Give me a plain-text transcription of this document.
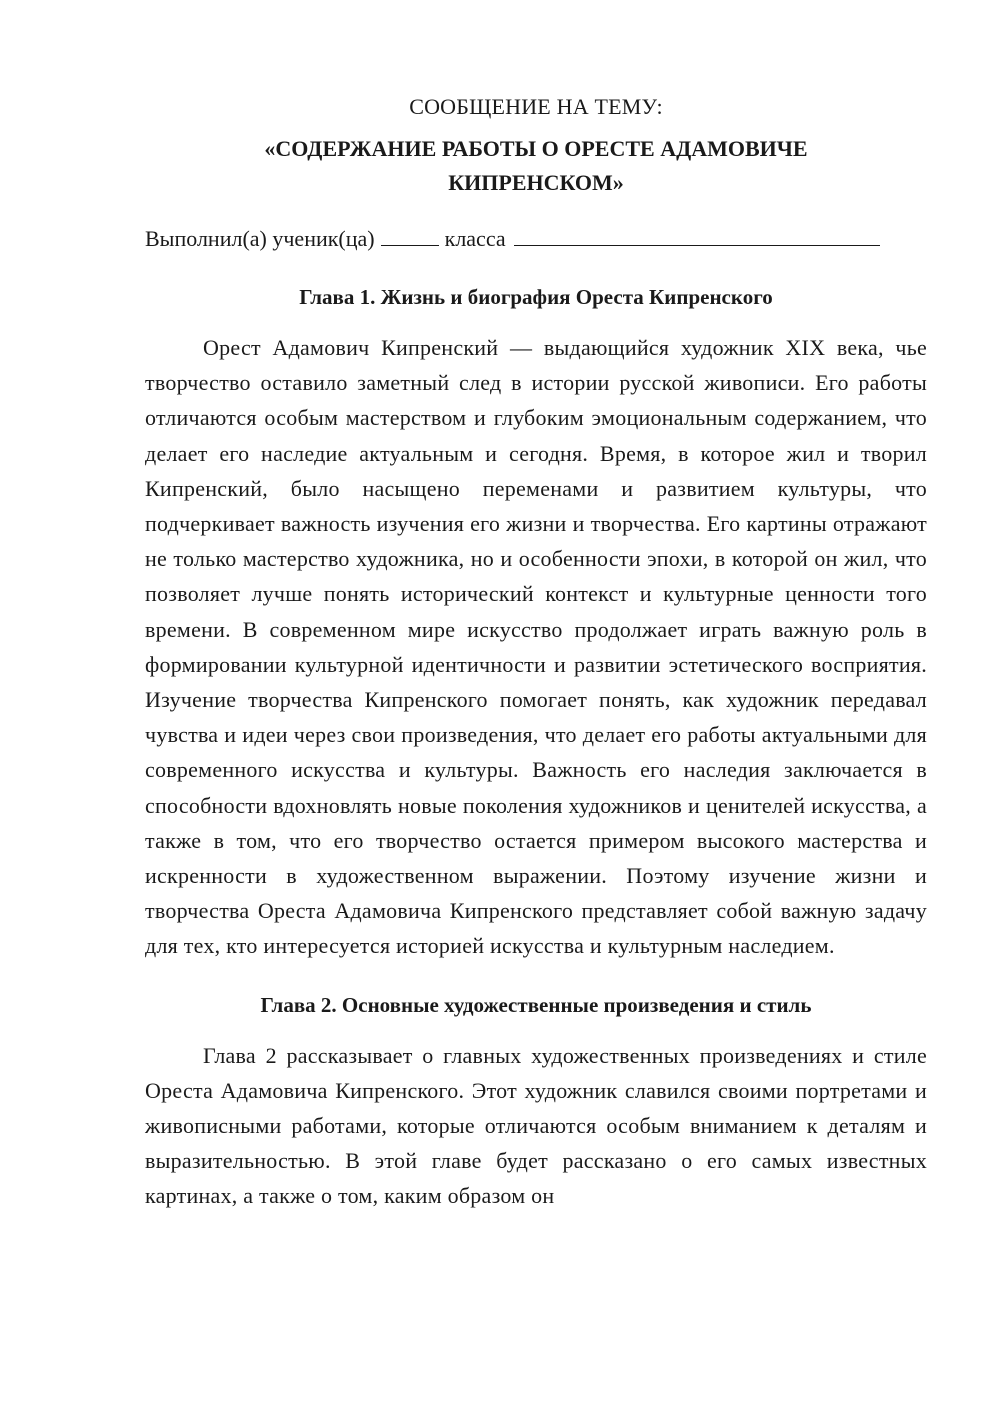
СООБЩЕНИЕ НА ТЕМУ:

«СОДЕРЖАНИЕ РАБОТЫ О ОРЕСТЕ АДАМОВИЧЕ КИПРЕНСКОМ»

Выполнил(а) ученик(ца)	класса

Глава 1. Жизнь и биография Ореста Кипренского

Орест Адамович Кипренский — выдающийся художник XIX века, чье творчество оставило заметный след в истории русской живописи. Его работы отличаются особым мастерством и глубоким эмоциональным содержанием, что делает его наследие актуальным и сегодня. Время, в которое жил и творил Кипренский, было насыщено переменами и развитием культуры, что подчеркивает важность изучения его жизни и творчества. Его картины отражают не только мастерство художника, но и особенности эпохи, в которой он жил, что позволяет лучше понять исторический контекст и культурные ценности того времени. В современном мире искусство продолжает играть важную роль в формировании культурной идентичности и развитии эстетического восприятия. Изучение творчества Кипренского помогает понять, как художник передавал чувства и идеи через свои произведения, что делает его работы актуальными для современного искусства и культуры. Важность его наследия заключается в способности вдохновлять новые поколения художников и ценителей искусства, а также в том, что его творчество остается примером высокого мастерства и искренности в художественном выражении. Поэтому изучение жизни и творчества Ореста Адамовича Кипренского представляет собой важную задачу для тех, кто интересуется историей искусства и культурным наследием.

Глава 2. Основные художественные произведения и стиль

Глава 2 рассказывает о главных художественных произведениях и стиле Ореста Адамовича Кипренского. Этот художник славился своими портретами и живописными работами, которые отличаются особым вниманием к деталям и выразительностью. В этой главе будет рассказано о его самых известных картинах, а также о том, каким образом он
